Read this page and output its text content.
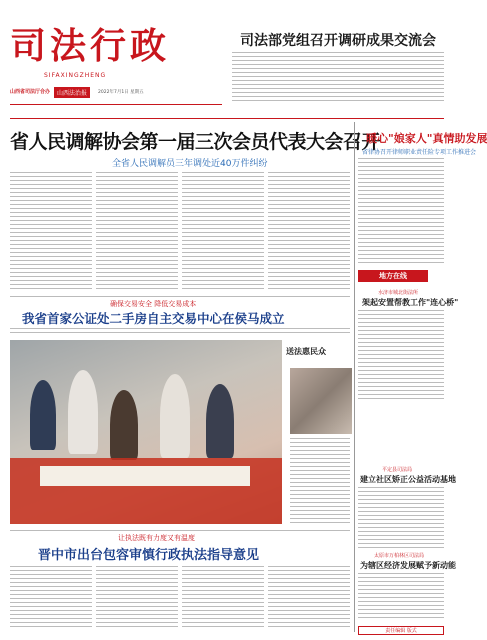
司法行政
SIFAXINGZHENG
山西省司法厅合办	山西法治报	2022年7月1日 星期五
司法部党组召开调研成果交流会
省人民调解协会第一届三次会员代表大会召开
全省人民调解员三年调处近40万件纠纷
暖心"娘家人"真情助发展
省律协召开律师职业责任险专项工作推进会
地方在线
水济市城北街法所
架起安置帮教工作"连心桥"
平定县司法局
建立社区矫正公益活动基地
太原市万柏林区司法局
为辖区经济发展赋予新动能
确保交易安全 降低交易成本
我省首家公证处二手房自主交易中心在侯马成立
送法惠民众
让执法既有力度又有温度
晋中市出台包容审慎行政执法指导意见
责任编辑 版式
